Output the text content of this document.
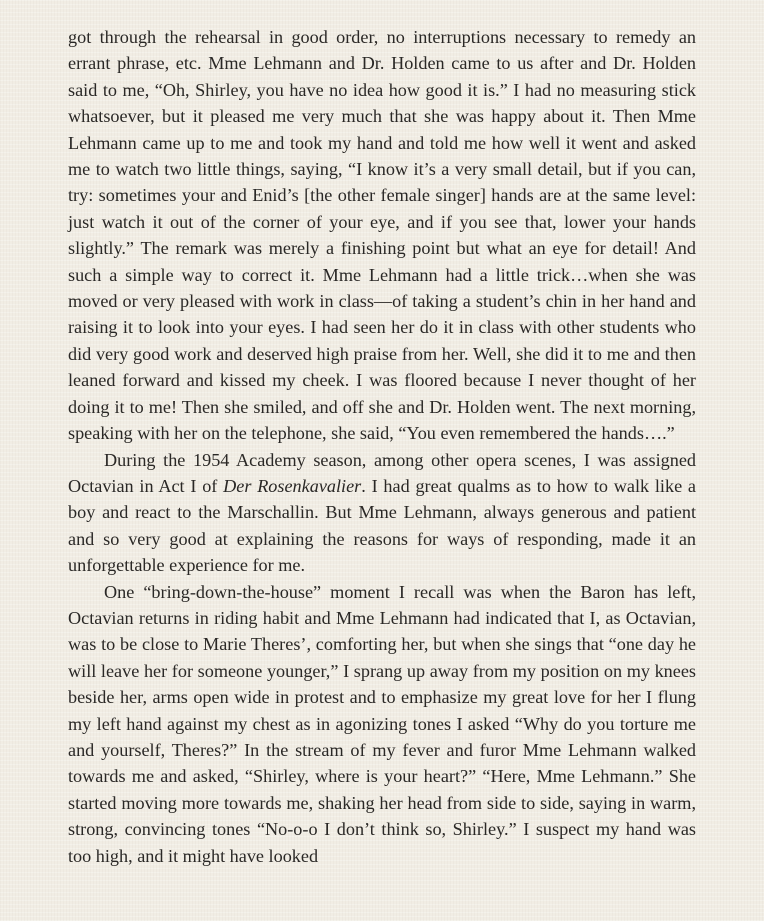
got through the rehearsal in good order, no interruptions necessary to remedy an errant phrase, etc. Mme Lehmann and Dr. Holden came to us after and Dr. Holden said to me, “Oh, Shirley, you have no idea how good it is.” I had no measuring stick whatsoever, but it pleased me very much that she was happy about it. Then Mme Lehmann came up to me and took my hand and told me how well it went and asked me to watch two little things, saying, “I know it’s a very small detail, but if you can, try: sometimes your and Enid’s [the other female singer] hands are at the same level: just watch it out of the corner of your eye, and if you see that, lower your hands slightly.” The remark was merely a finishing point but what an eye for detail! And such a simple way to correct it. Mme Lehmann had a little trick…when she was moved or very pleased with work in class—of taking a student’s chin in her hand and raising it to look into your eyes. I had seen her do it in class with other students who did very good work and deserved high praise from her. Well, she did it to me and then leaned forward and kissed my cheek. I was floored because I never thought of her doing it to me! Then she smiled, and off she and Dr. Holden went. The next morning, speaking with her on the telephone, she said, “You even remembered the hands….”

During the 1954 Academy season, among other opera scenes, I was assigned Octavian in Act I of Der Rosenkavalier. I had great qualms as to how to walk like a boy and react to the Marschallin. But Mme Lehmann, always generous and patient and so very good at explaining the reasons for ways of responding, made it an unforgettable experience for me.

One “bring-down-the-house” moment I recall was when the Baron has left, Octavian returns in riding habit and Mme Lehmann had indicated that I, as Octavian, was to be close to Marie Theres’, comforting her, but when she sings that “one day he will leave her for someone younger,” I sprang up away from my position on my knees beside her, arms open wide in protest and to emphasize my great love for her I flung my left hand against my chest as in agonizing tones I asked “Why do you torture me and yourself, Theres?” In the stream of my fever and furor Mme Lehmann walked towards me and asked, “Shirley, where is your heart?” “Here, Mme Lehmann.” She started moving more towards me, shaking her head from side to side, saying in warm, strong, convincing tones “No-o-o I don’t think so, Shirley.” I suspect my hand was too high, and it might have looked
